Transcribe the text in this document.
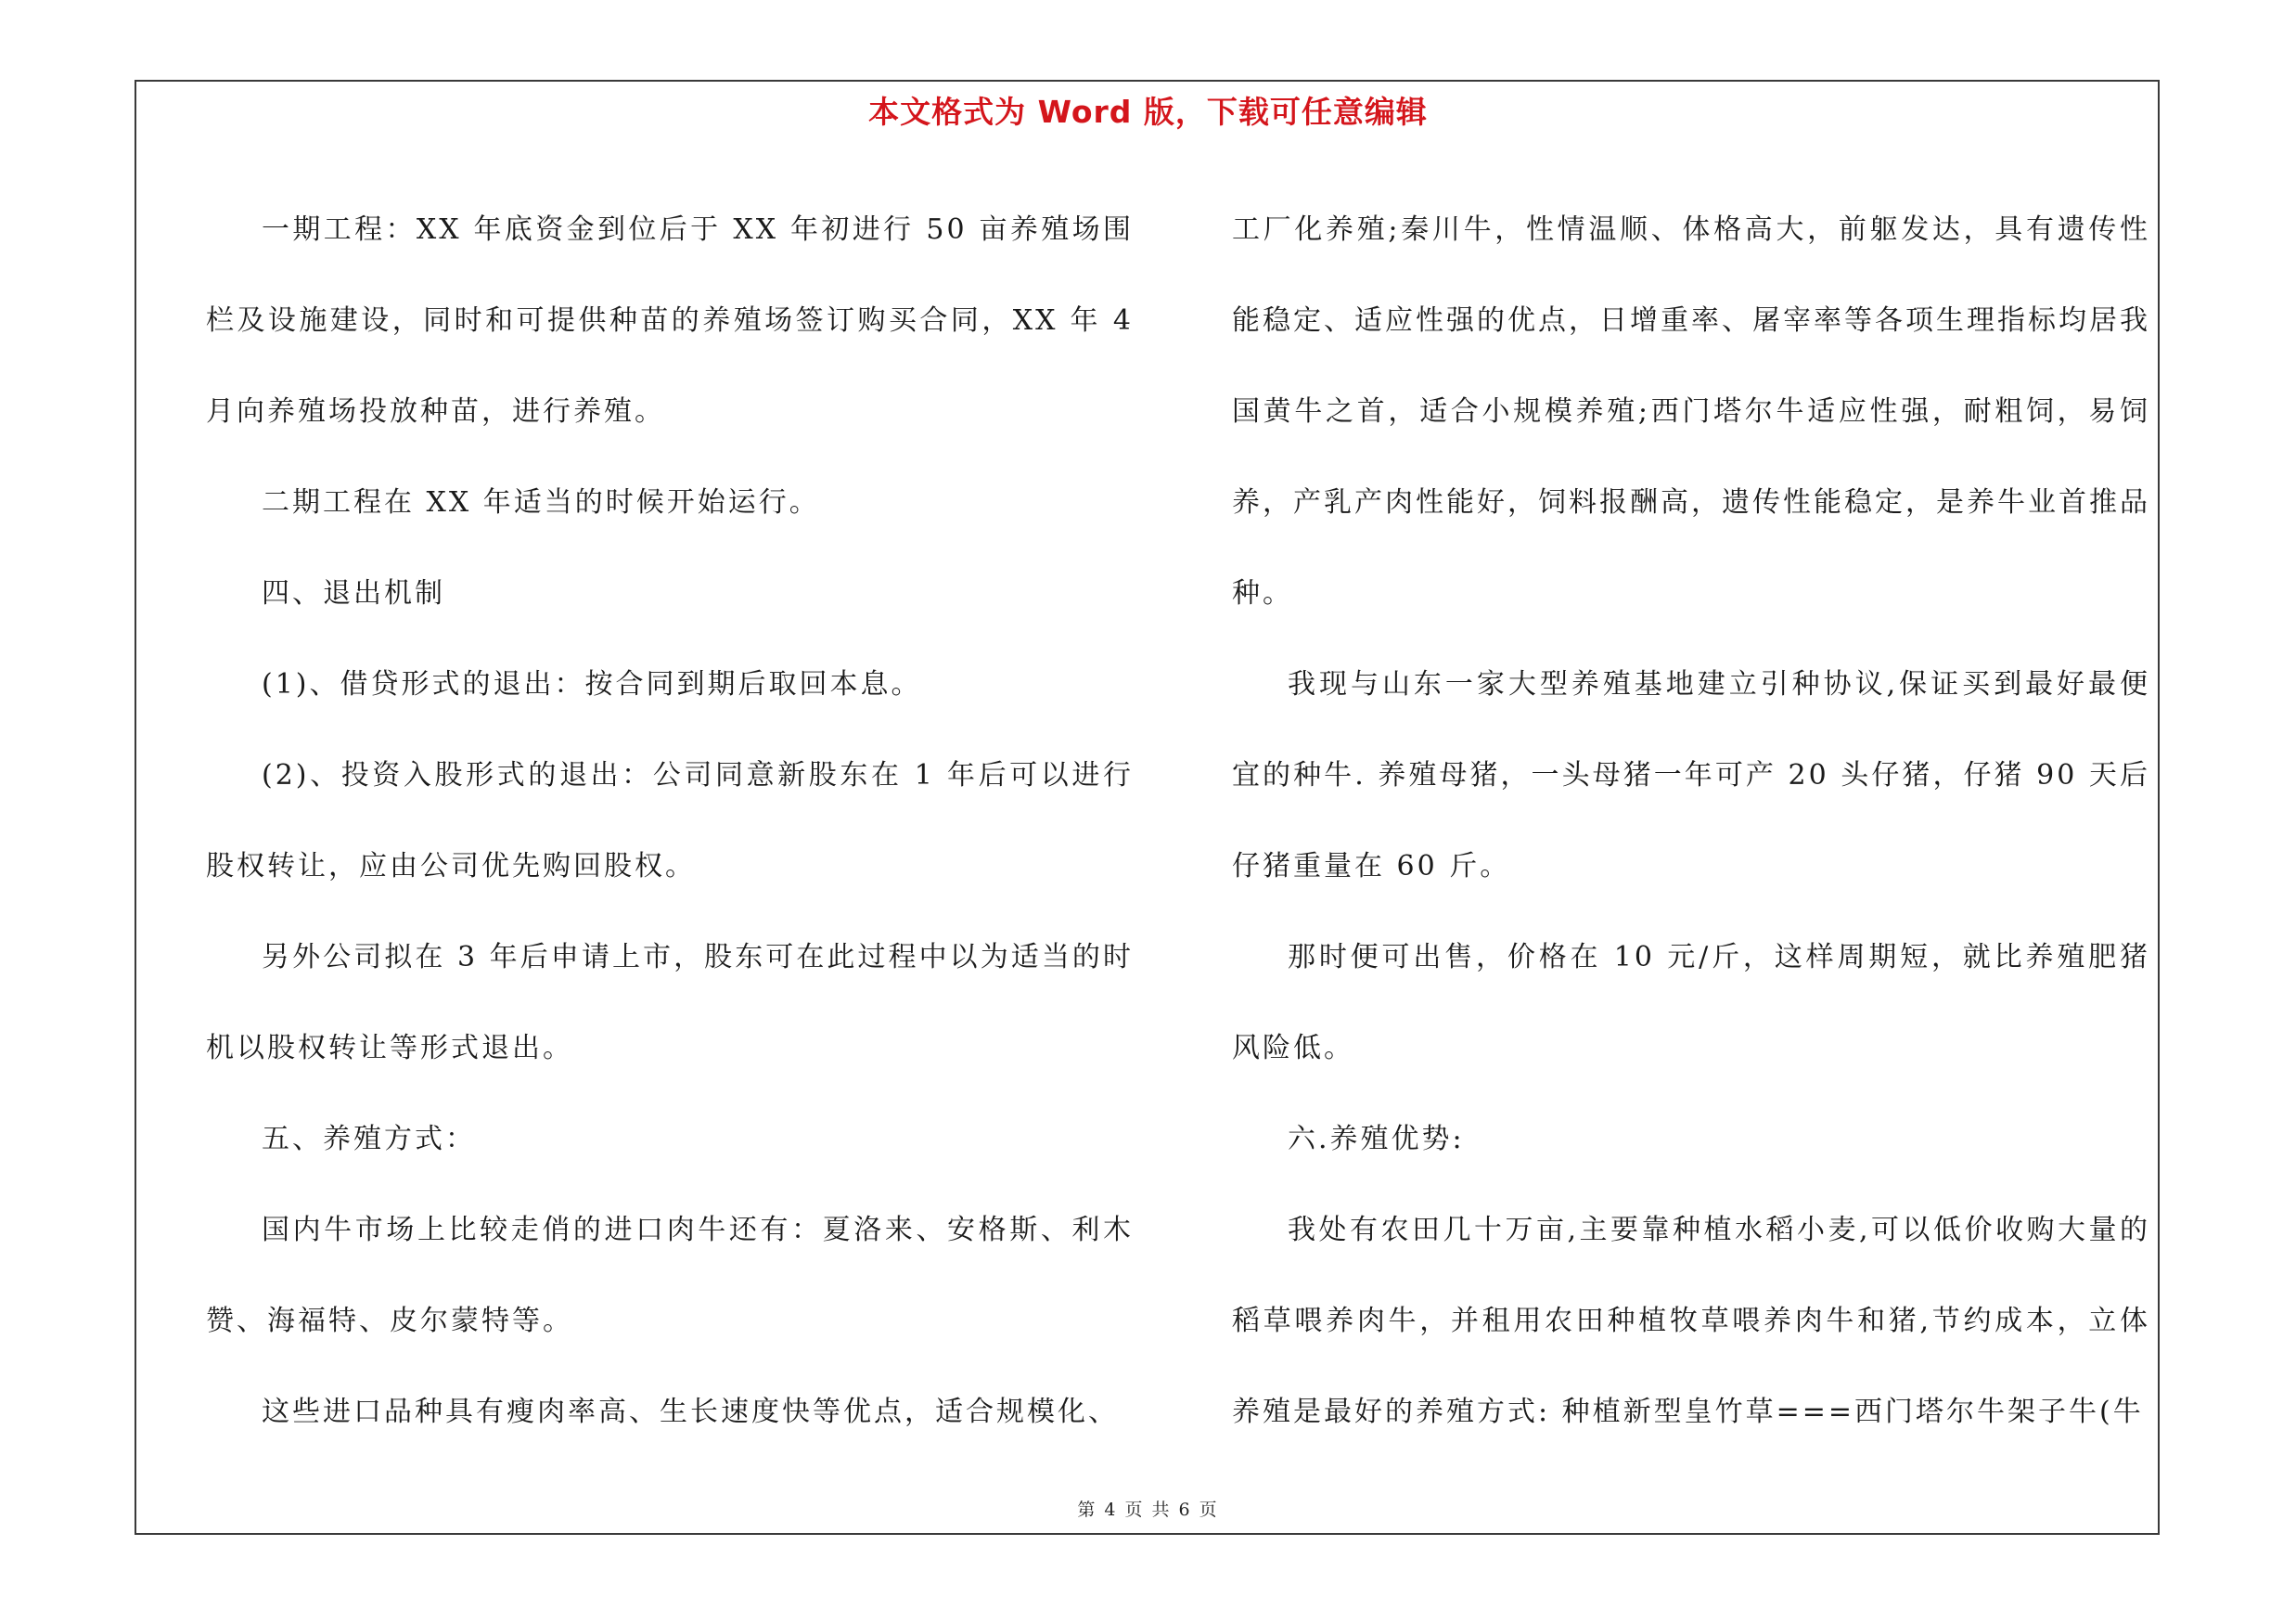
本文格式为 Word 版，下载可任意编辑

一期工程：XX 年底资金到位后于 XX 年初进行 50 亩养殖场围栏及设施建设，同时和可提供种苗的养殖场签订购买合同，XX 年 4 月向养殖场投放种苗，进行养殖。

二期工程在 XX 年适当的时候开始运行。

四、退出机制

(1)、借贷形式的退出：按合同到期后取回本息。

(2)、投资入股形式的退出：公司同意新股东在 1 年后可以进行股权转让，应由公司优先购回股权。

另外公司拟在 3 年后申请上市，股东可在此过程中以为适当的时机以股权转让等形式退出。

五、养殖方式：

国内牛市场上比较走俏的进口肉牛还有：夏洛来、安格斯、利木赞、海福特、皮尔蒙特等。

这些进口品种具有瘦肉率高、生长速度快等优点，适合规模化、

工厂化养殖;秦川牛，性情温顺、体格高大，前躯发达，具有遗传性能稳定、适应性强的优点，日增重率、屠宰率等各项生理指标均居我国黄牛之首，适合小规模养殖;西门塔尔牛适应性强，耐粗饲，易饲养，产乳产肉性能好，饲料报酬高，遗传性能稳定，是养牛业首推品种。

我现与山东一家大型养殖基地建立引种协议,保证买到最好最便宜的种牛. 养殖母猪，一头母猪一年可产 20 头仔猪，仔猪 90 天后仔猪重量在 60 斤。

那时便可出售，价格在 10 元/斤，这样周期短，就比养殖肥猪风险低。

六.养殖优势:

我处有农田几十万亩,主要靠种植水稻小麦,可以低价收购大量的稻草喂养肉牛，并租用农田种植牧草喂养肉牛和猪,节约成本，立体养殖是最好的养殖方式: 种植新型皇竹草===西门塔尔牛架子牛(牛

第 4 页 共 6 页
